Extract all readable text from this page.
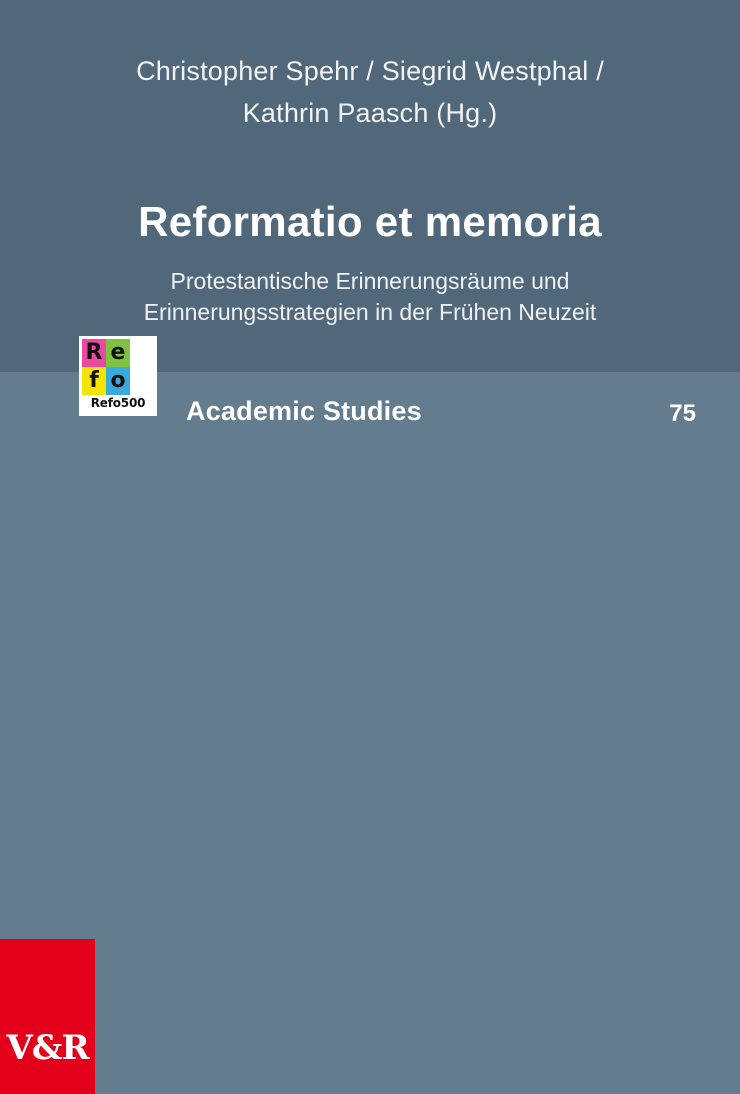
Christopher Spehr / Siegrid Westphal /
Kathrin Paasch (Hg.)
Reformatio et memoria
Protestantische Erinnerungsräume und
Erinnerungsstrategien in der Frühen Neuzeit
Academic Studies	75
R e
f o
Refo500
V&R
